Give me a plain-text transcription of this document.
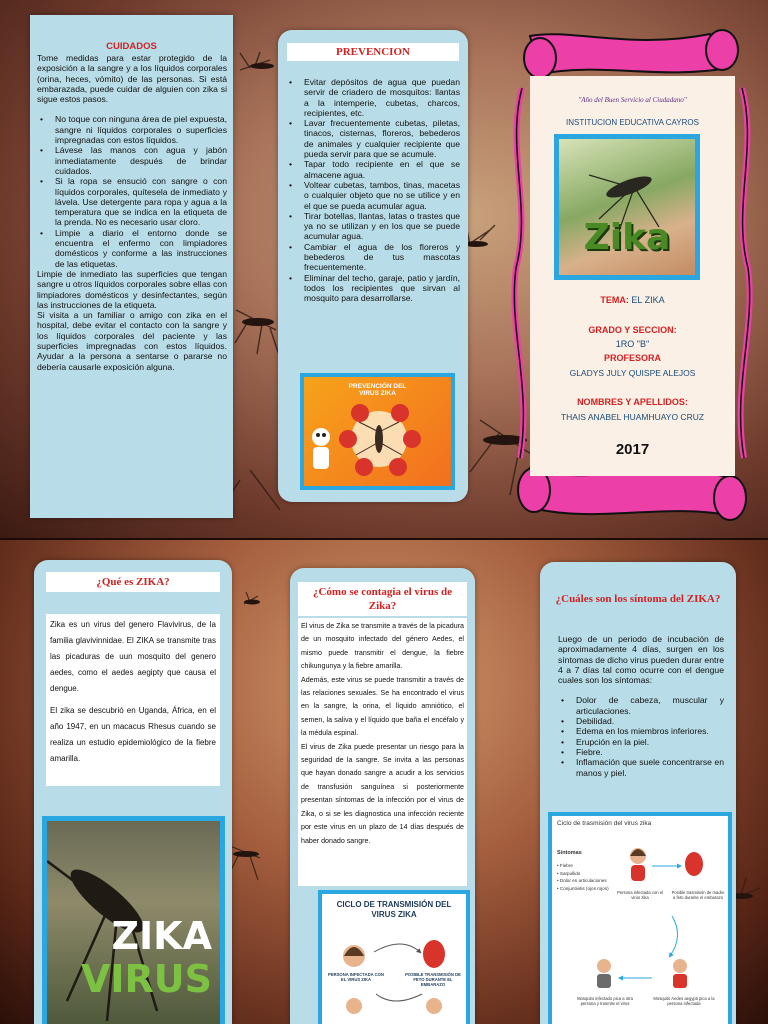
CUIDADOS

Tome medidas para estar protegido de la exposición a la sangre y a los líquidos corporales (orina, heces, vómito) de las personas. Si está embarazada, puede cuidar de alguien con zika si sigue estos pasos.

• No toque con ninguna área de piel expuesta, sangre ni líquidos corporales o superficies impregnadas con estos líquidos.
• Lávese las manos con agua y jabón inmediatamente después de brindar cuidados.
• Si la ropa se ensució con sangre o con líquidos corporales, quítesela de inmediato y lávela. Use detergente para ropa y agua a la temperatura que se indica en la etiqueta de la prenda. No es necesario usar cloro.
• Limpie a diario el entorno donde se encuentra el enfermo con limpiadores domésticos y conforme a las instrucciones de las etiquetas.

Limpie de inmediato las superficies que tengan sangre u otros líquidos corporales sobre ellas con limpiadores domésticos y desinfectantes, según las instrucciones de la etiqueta.

Si visita a un familiar o amigo con zika en el hospital, debe evitar el contacto con la sangre y los líquidos corporales del paciente y las superficies impregnadas con estos líquidos. Ayudar a la persona a sentarse o pararse no debería causarle exposición alguna.

PREVENCION
• Evitar depósitos de agua que puedan servir de criadero de mosquitos: llantas a la intemperie, cubetas, charcos, recipientes, etc.
• Lavar frecuentemente cubetas, piletas, tinacos, cisternas, floreros, bebederos de animales y cualquier recipiente que pueda servir para que se acumule.
• Tapar todo recipiente en el que se almacene agua.
• Voltear cubetas, tambos, tinas, macetas o cualquier objeto que no se utilice y en el que se pueda acumular agua.
• Tirar botellas, llantas, latas o trastes que ya no se utilizan y en los que se puede acumular agua.
• Cambiar el agua de los floreros y bebederos de tus mascotas frecuentemente.
• Eliminar del techo, garaje, patio y jardín, todos los recipientes que sirvan al mosquito para desarrollarse.
PREVENCIÓN DEL VIRUS ZIKA
"Año del Buen Servicio al Ciudadano"
INSTITUCION EDUCATIVA CAYROS
Zika
TEMA: EL ZIKA
GRADO Y SECCION:
1RO "B"
PROFESORA
GLADYS JULY QUISPE ALEJOS
NOMBRES Y APELLIDOS:
THAIS ANABEL HUAMHUAYO CRUZ
2017
¿Qué es ZIKA?

Zika es un virus del genero Flavivirus, de la familia glavivinnidae. El ZIKA se transmite tras las picaduras de uun mosquito del genero aedes, como el aedes aegipty que causa el dengue.

El zika se descubrió en Uganda, África, en el año 1947, en un macacus Rhesus cuando se realiza un estudio epidemiológico de la fiebre amarilla.

ZIKA
VIRUS
¿Cómo se contagia el virus de Zika?

El virus de Zika se transmite a través de la picadura de un mosquito infectado del género Aedes, el mismo puede transmitir el dengue, la fiebre chikungunya y la fiebre amarilla.

Además, este virus se puede transmitir a través de las relaciones sexuales. Se ha encontrado el virus en la sangre, la orina, el líquido amniótico, el semen, la saliva y el líquido que baña el encéfalo y la médula espinal.

El virus de Zika puede presentar un riesgo para la seguridad de la sangre. Se invita a las personas que hayan donado sangre a acudir a los servicios de transfusión sanguínea si posteriormente presentan síntomas de la infección por el virus de Zika, o si se les diagnostica una infección reciente por este virus en un plazo de 14 días después de haber donado sangre.

CICLO DE TRANSMISIÓN DEL VIRUS ZIKA
PERSONA INFECTADA CON EL VIRUS ZIKA
POSIBLE TRANSMISIÓN DE FETO DURANTE EL EMBARAZO
¿Cuáles son los síntoma del ZIKA?

Luego de un periodo de incubación de aproximadamente 4 días, surgen en los síntomas de dicho virus pueden durar entre 4 a 7 días tal como ocurre con el dengue cuales son los síntomas:

• Dolor de cabeza, muscular y articulaciones.
• Debilidad.
• Edema en los miembros inferiores.
• Erupción en la piel.
• Fiebre.
• Inflamación que suele concentrarse en manos y piel.
Ciclo de trasmisión del virus zika
Síntomas
• Fiebre
• Sarpullido
• Dolor en articulaciones
• Conjuntivitis (ojos rojos)
Persona infectada con el virus zika
Posible trasmisión de madre a feto durante el embarazo
Mosquito infectado pica a otra persona y trasmite el virus
Mosquito Aedes aegypti pica a la persona infectada
